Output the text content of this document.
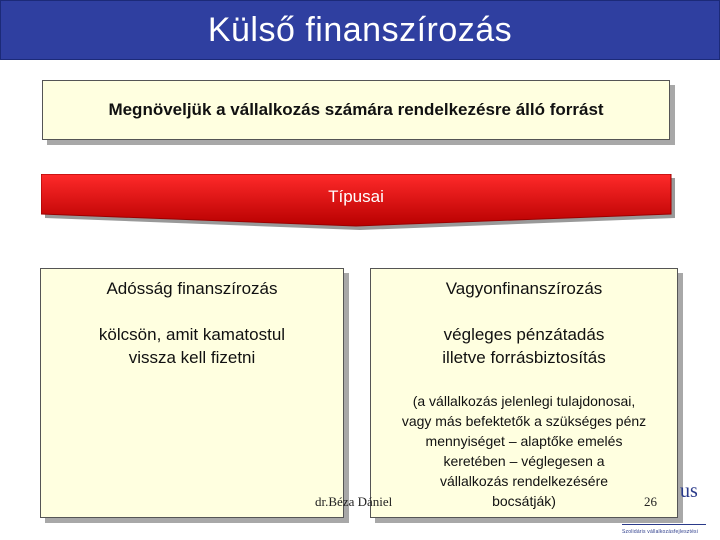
Külső finanszírozás
Megnöveljük a vállalkozás számára rendelkezésre álló forrást
Típusai
Adósság finanszírozás
kölcsön, amit kamatostul
vissza kell fizetni
Vagyonfinanszírozás
végleges pénzátadás
illetve forrásbiztosítás
(a vállalkozás jelenlegi tulajdonosai,
vagy más befektetők a szükséges pénz
mennyiséget – alaptőke emelés
keretében – véglegesen a
vállalkozás rendelkezésére
bocsátják)
dr.Béza Dániel	26 us
Szolidáris vállalkozásfejlesztési
